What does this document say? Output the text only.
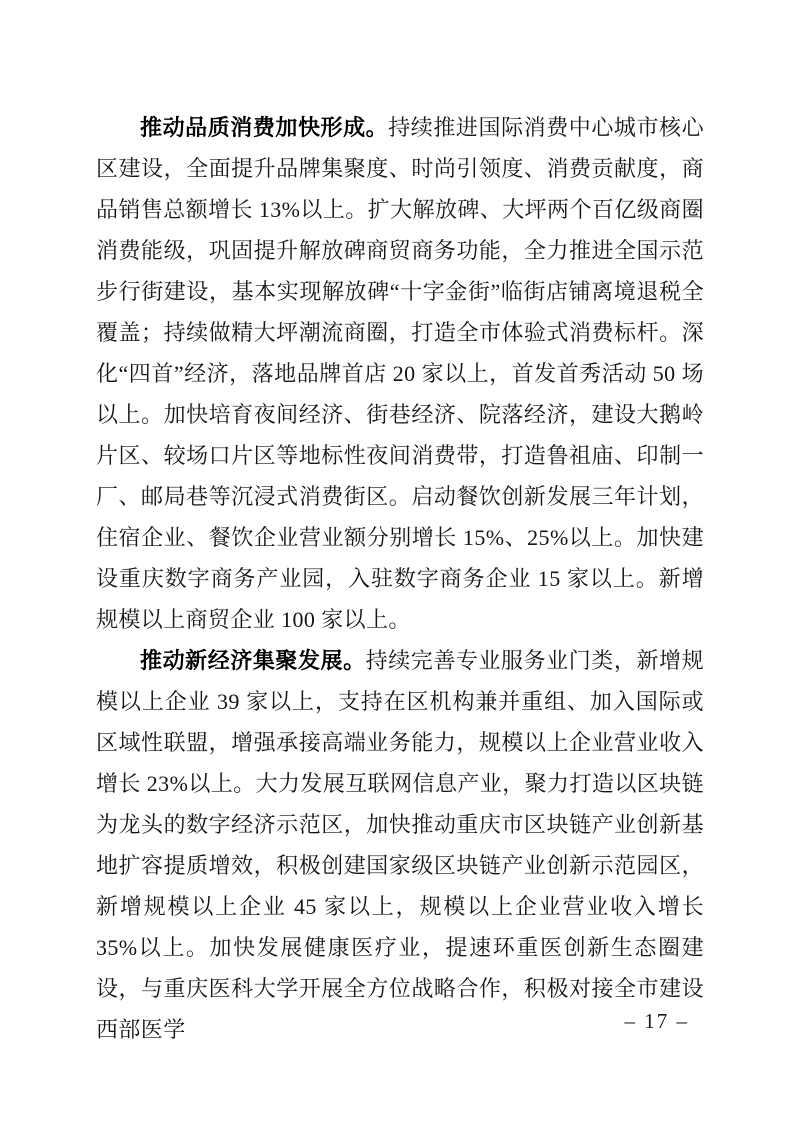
推动品质消费加快形成。持续推进国际消费中心城市核心区建设，全面提升品牌集聚度、时尚引领度、消费贡献度，商品销售总额增长 13%以上。扩大解放碑、大坪两个百亿级商圈消费能级，巩固提升解放碑商贸商务功能，全力推进全国示范步行街建设，基本实现解放碑“十字金街”临街店铺离境退税全覆盖；持续做精大坪潮流商圈，打造全市体验式消费标杆。深化“四首”经济，落地品牌首店 20 家以上，首发首秀活动 50 场以上。加快培育夜间经济、街巷经济、院落经济，建设大鹅岭片区、较场口片区等地标性夜间消费带，打造鲁祖庙、印制一厂、邮局巷等沉浸式消费街区。启动餐饮创新发展三年计划，住宿企业、餐饮企业营业额分别增长 15%、25%以上。加快建设重庆数字商务产业园，入驻数字商务企业 15 家以上。新增规模以上商贸企业 100 家以上。

推动新经济集聚发展。持续完善专业服务业门类，新增规模以上企业 39 家以上，支持在区机构兼并重组、加入国际或区域性联盟，增强承接高端业务能力，规模以上企业营业收入增长 23%以上。大力发展互联网信息产业，聚力打造以区块链为龙头的数字经济示范区，加快推动重庆市区块链产业创新基地扩容提质增效，积极创建国家级区块链产业创新示范园区，新增规模以上企业 45 家以上，规模以上企业营业收入增长 35%以上。加快发展健康医疗业，提速环重医创新生态圈建设，与重庆医科大学开展全方位战略合作，积极对接全市建设西部医学	– 17 –
